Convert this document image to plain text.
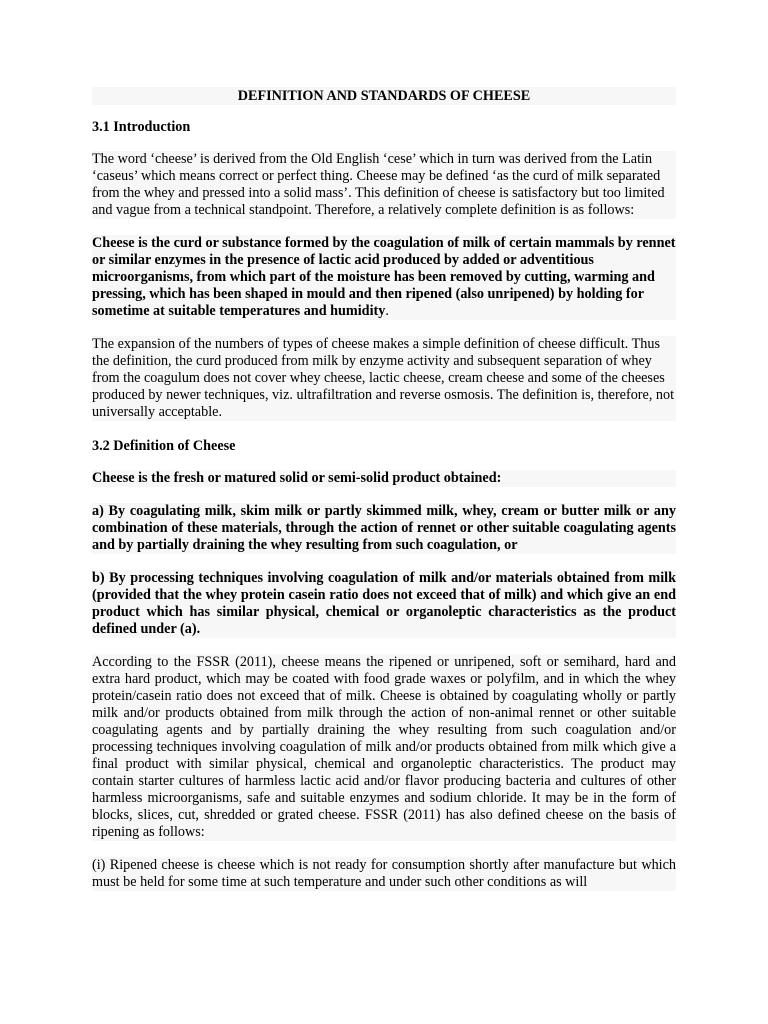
DEFINITION AND STANDARDS OF CHEESE

3.1 Introduction

The word ‘cheese’ is derived from the Old English ‘cese’ which in turn was derived from the Latin ‘caseus’ which means correct or perfect thing. Cheese may be defined ‘as the curd of milk separated from the whey and pressed into a solid mass’. This definition of cheese is satisfactory but too limited and vague from a technical standpoint. Therefore, a relatively complete definition is as follows:

Cheese is the curd or substance formed by the coagulation of milk of certain mammals by rennet or similar enzymes in the presence of lactic acid produced by added or adventitious microorganisms, from which part of the moisture has been removed by cutting, warming and pressing, which has been shaped in mould and then ripened (also unripened) by holding for sometime at suitable temperatures and humidity.

The expansion of the numbers of types of cheese makes a simple definition of cheese difficult. Thus the definition, the curd produced from milk by enzyme activity and subsequent separation of whey from the coagulum does not cover whey cheese, lactic cheese, cream cheese and some of the cheeses produced by newer techniques, viz. ultrafiltration and reverse osmosis. The definition is, therefore, not universally acceptable.

3.2 Definition of Cheese

Cheese is the fresh or matured solid or semi-solid product obtained:

a) By coagulating milk, skim milk or partly skimmed milk, whey, cream or butter milk or any combination of these materials, through the action of rennet or other suitable coagulating agents and by partially draining the whey resulting from such coagulation, or

b) By processing techniques involving coagulation of milk and/or materials obtained from milk (provided that the whey protein casein ratio does not exceed that of milk) and which give an end product which has similar physical, chemical or organoleptic characteristics as the product defined under (a).

According to the FSSR (2011), cheese means the ripened or unripened, soft or semihard, hard and extra hard product, which may be coated with food grade waxes or polyfilm, and in which the whey protein/casein ratio does not exceed that of milk. Cheese is obtained by coagulating wholly or partly milk and/or products obtained from milk through the action of non-animal rennet or other suitable coagulating agents and by partially draining the whey resulting from such coagulation and/or processing techniques involving coagulation of milk and/or products obtained from milk which give a final product with similar physical, chemical and organoleptic characteristics. The product may contain starter cultures of harmless lactic acid and/or flavor producing bacteria and cultures of other harmless microorganisms, safe and suitable enzymes and sodium chloride. It may be in the form of blocks, slices, cut, shredded or grated cheese. FSSR (2011) has also defined cheese on the basis of ripening as follows:

(i) Ripened cheese is cheese which is not ready for consumption shortly after manufacture but which must be held for some time at such temperature and under such other conditions as will
